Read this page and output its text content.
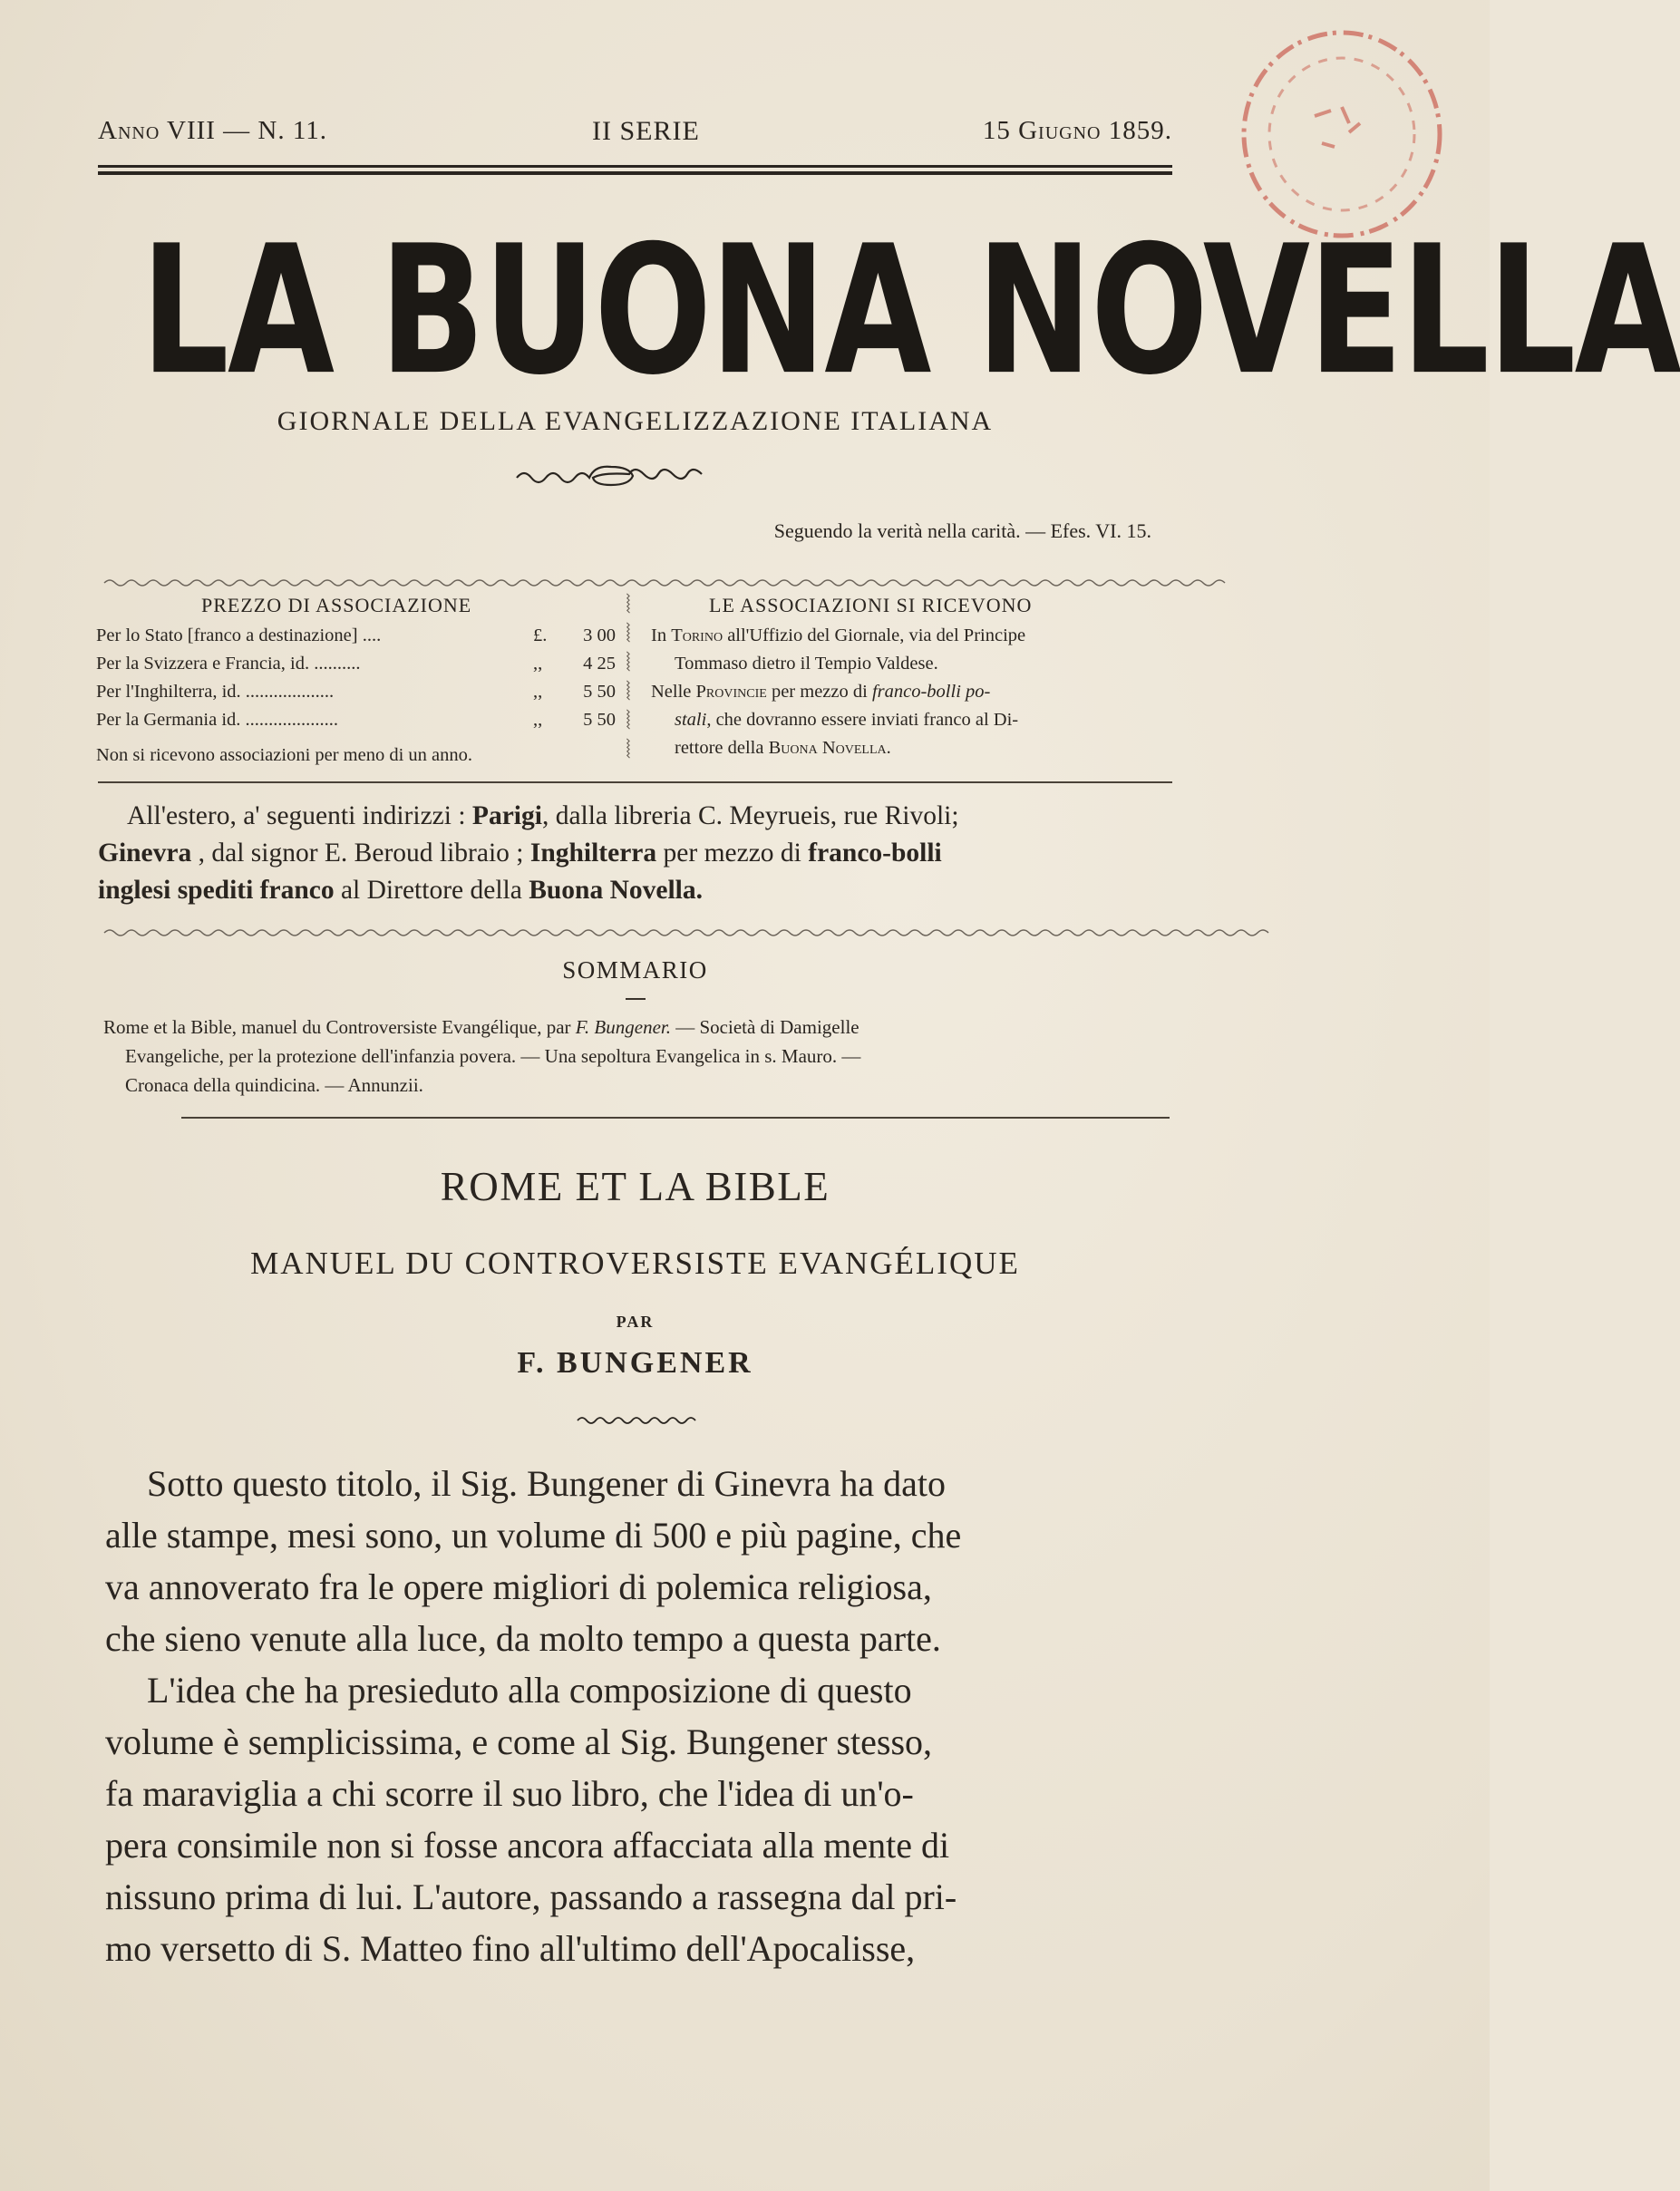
Anno VIII — N. 11.	II SERIE	15 Giugno 1859.
LA BUONA NOVELLA
GIORNALE DELLA EVANGELIZZAZIONE ITALIANA
Seguendo la verità nella carità. — Efes. VI. 15.
PREZZO DI ASSOCIAZIONE
Per lo Stato [franco a destinazione] ....	£. 3 00
Per la Svizzera e Francia, id. ..........	,, 4 25
Per l'Inghilterra, id. ...................	,, 5 50
Per la Germania id. ....................	,, 5 50
Non si ricevono associazioni per meno di un anno.
⦚
⦚
⦚
⦚
⦚
⦚
LE ASSOCIAZIONI SI RICEVONO
In Torino all'Uffizio del Giornale, via del Principe
Tommaso dietro il Tempio Valdese.
Nelle Provincie per mezzo di franco-bolli po-
stali, che dovranno essere inviati franco al Di-
rettore della Buona Novella.

All'estero, a' seguenti indirizzi : Parigi, dalla libreria C. Meyrueis, rue Rivoli;

Ginevra , dal signor E. Beroud libraio ; Inghilterra per mezzo di franco-bolli

inglesi spediti franco al Direttore della Buona Novella.

SOMMARIO

Rome et la Bible, manuel du Controversiste Evangélique, par F. Bungener. — Società di Damigelle

Evangeliche, per la protezione dell'infanzia povera. — Una sepoltura Evangelica in s. Mauro. —

Cronaca della quindicina. — Annunzii.

ROME ET LA BIBLE
MANUEL DU CONTROVERSISTE EVANGÉLIQUE
PAR
F. BUNGENER

Sotto questo titolo, il Sig. Bungener di Ginevra ha dato

alle stampe, mesi sono, un volume di 500 e più pagine, che

va annoverato fra le opere migliori di polemica religiosa,

che sieno venute alla luce, da molto tempo a questa parte.

L'idea che ha presieduto alla composizione di questo

volume è semplicissima, e come al Sig. Bungener stesso,

fa maraviglia a chi scorre il suo libro, che l'idea di un'o-

pera consimile non si fosse ancora affacciata alla mente di

nissuno prima di lui. L'autore, passando a rassegna dal pri-

mo versetto di S. Matteo fino all'ultimo dell'Apocalisse,
